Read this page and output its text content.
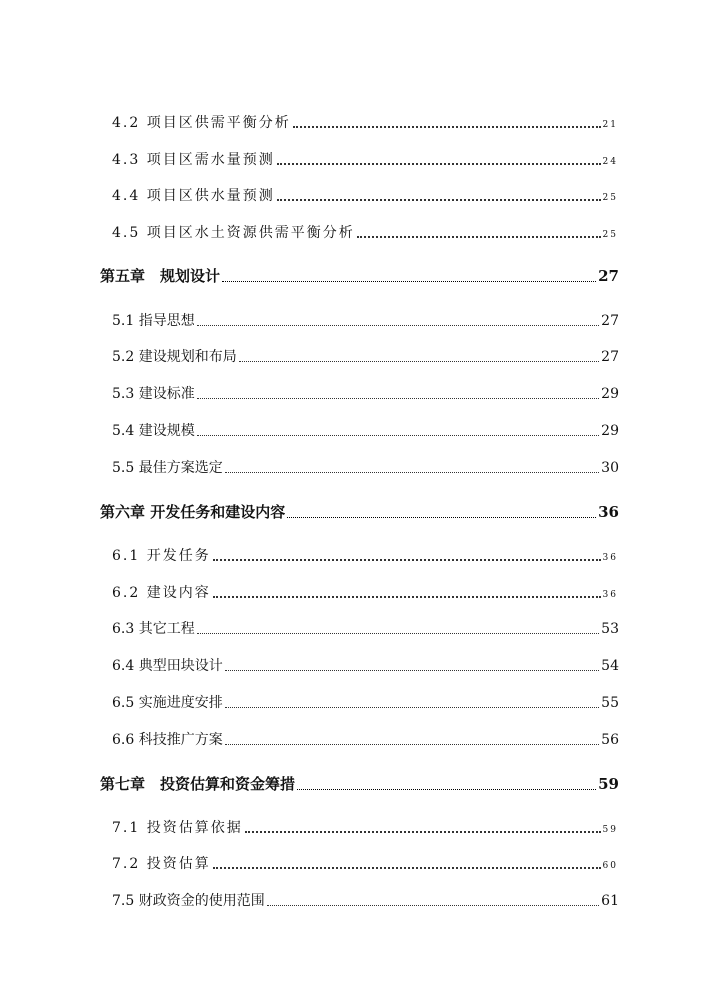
4.2 项目区供需平衡分析	21
4.3 项目区需水量预测	24
4.4 项目区供水量预测	25
4.5 项目区水土资源供需平衡分析	25
第五章　规划设计	27
5.1 指导思想	27
5.2 建设规划和布局	27
5.3 建设标准	29
5.4 建设规模	29
5.5 最佳方案选定	30
第六章 开发任务和建设内容	36
6.1 开发任务	36
6.2 建设内容	36
6.3 其它工程	53
6.4 典型田块设计	54
6.5 实施进度安排	55
6.6 科技推广方案	56
第七章　投资估算和资金筹措	59
7.1 投资估算依据	59
7.2 投资估算	60
7.5 财政资金的使用范围	61
